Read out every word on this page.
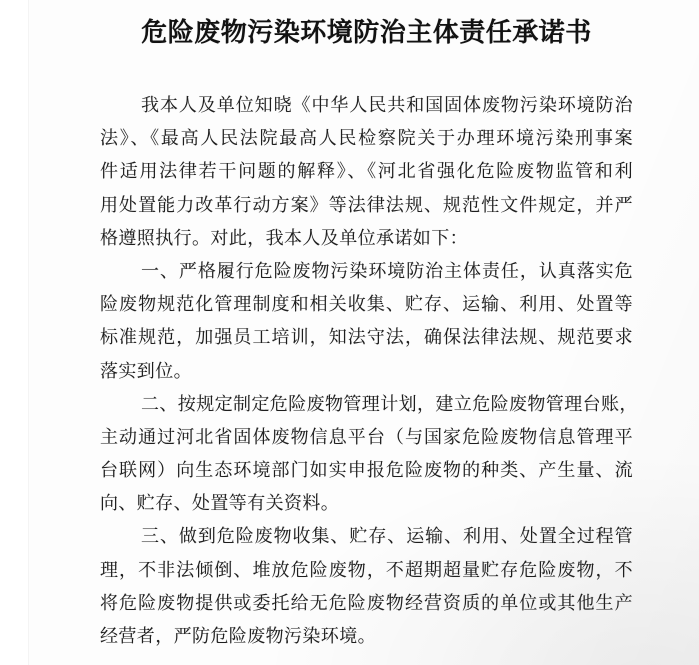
危险废物污染环境防治主体责任承诺书
我本人及单位知晓《中华人民共和国固体废物污染环境防治
法》、《最高人民法院最高人民检察院关于办理环境污染刑事案
件适用法律若干问题的解释》、《河北省强化危险废物监管和利
用处置能力改革行动方案》等法律法规、规范性文件规定，并严
格遵照执行。对此，我本人及单位承诺如下：
一、严格履行危险废物污染环境防治主体责任，认真落实危
险废物规范化管理制度和相关收集、贮存、运输、利用、处置等
标准规范，加强员工培训，知法守法，确保法律法规、规范要求
落实到位。
二、按规定制定危险废物管理计划，建立危险废物管理台账，
主动通过河北省固体废物信息平台（与国家危险废物信息管理平
台联网）向生态环境部门如实申报危险废物的种类、产生量、流
向、贮存、处置等有关资料。
三、做到危险废物收集、贮存、运输、利用、处置全过程管
理，不非法倾倒、堆放危险废物，不超期超量贮存危险废物，不
将危险废物提供或委托给无危险废物经营资质的单位或其他生产
经营者，严防危险废物污染环境。
